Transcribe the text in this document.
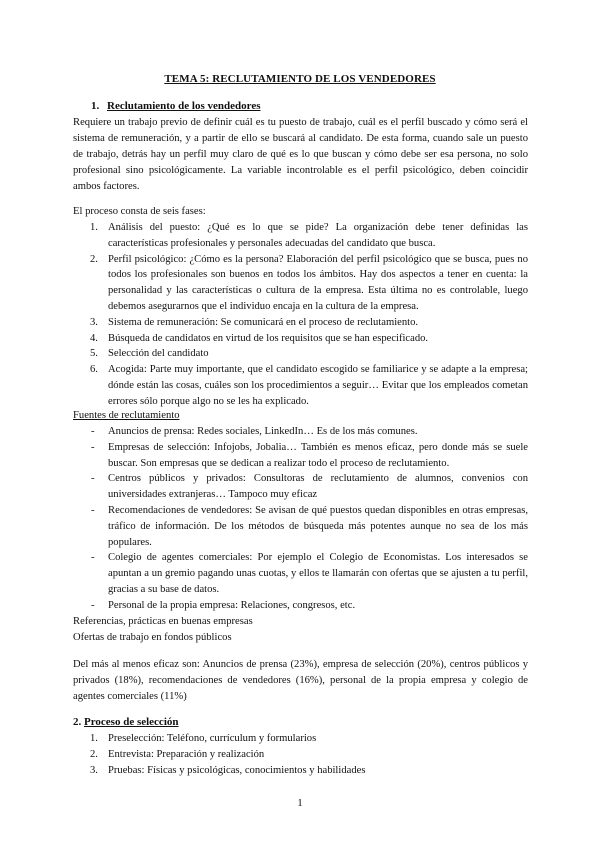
TEMA 5: RECLUTAMIENTO DE LOS VENDEDORES
1. Reclutamiento de los vendedores
Requiere un trabajo previo de definir cuál es tu puesto de trabajo, cuál es el perfil buscado y cómo será el sistema de remuneración, y a partir de ello se buscará al candidato. De esta forma, cuando sale un puesto de trabajo, detrás hay un perfil muy claro de qué es lo que buscan y cómo debe ser esa persona, no solo profesional sino psicológicamente. La variable incontrolable es el perfil psicológico, deben coincidir ambos factores.
El proceso consta de seis fases:
1. Análisis del puesto: ¿Qué es lo que se pide? La organización debe tener definidas las características profesionales y personales adecuadas del candidato que busca.
2. Perfil psicológico: ¿Cómo es la persona? Elaboración del perfil psicológico que se busca, pues no todos los profesionales son buenos en todos los ámbitos. Hay dos aspectos a tener en cuenta: la personalidad y las características o cultura de la empresa. Esta última no es controlable, luego debemos asegurarnos que el individuo encaja en la cultura de la empresa.
3. Sistema de remuneración: Se comunicará en el proceso de reclutamiento.
4. Búsqueda de candidatos en virtud de los requisitos que se han especificado.
5. Selección del candidato
6. Acogida: Parte muy importante, que el candidato escogido se familiarice y se adapte a la empresa; dónde están las cosas, cuáles son los procedimientos a seguir… Evitar que los empleados cometan errores sólo porque algo no se les ha explicado.
Fuentes de reclutamiento
- Anuncios de prensa: Redes sociales, LinkedIn… Es de los más comunes.
- Empresas de selección: Infojobs, Jobalia… También es menos eficaz, pero donde más se suele buscar. Son empresas que se dedican a realizar todo el proceso de reclutamiento.
- Centros públicos y privados: Consultoras de reclutamiento de alumnos, convenios con universidades extranjeras… Tampoco muy eficaz
- Recomendaciones de vendedores: Se avisan de qué puestos quedan disponibles en otras empresas, tráfico de información. De los métodos de búsqueda más potentes aunque no sea de los más populares.
- Colegio de agentes comerciales: Por ejemplo el Colegio de Economistas. Los interesados se apuntan a un gremio pagando unas cuotas, y ellos te llamarán con ofertas que se ajusten a tu perfil, gracias a su base de datos.
- Personal de la propia empresa: Relaciones, congresos, etc.
Referencias, prácticas en buenas empresas
Ofertas de trabajo en fondos públicos
Del más al menos eficaz son: Anuncios de prensa (23%), empresa de selección (20%), centros públicos y privados (18%), recomendaciones de vendedores (16%), personal de la propia empresa y colegio de agentes comerciales (11%)
2. Proceso de selección
1. Preselección: Teléfono, currículum y formularios
2. Entrevista: Preparación y realización
3. Pruebas: Físicas y psicológicas, conocimientos y habilidades
1
